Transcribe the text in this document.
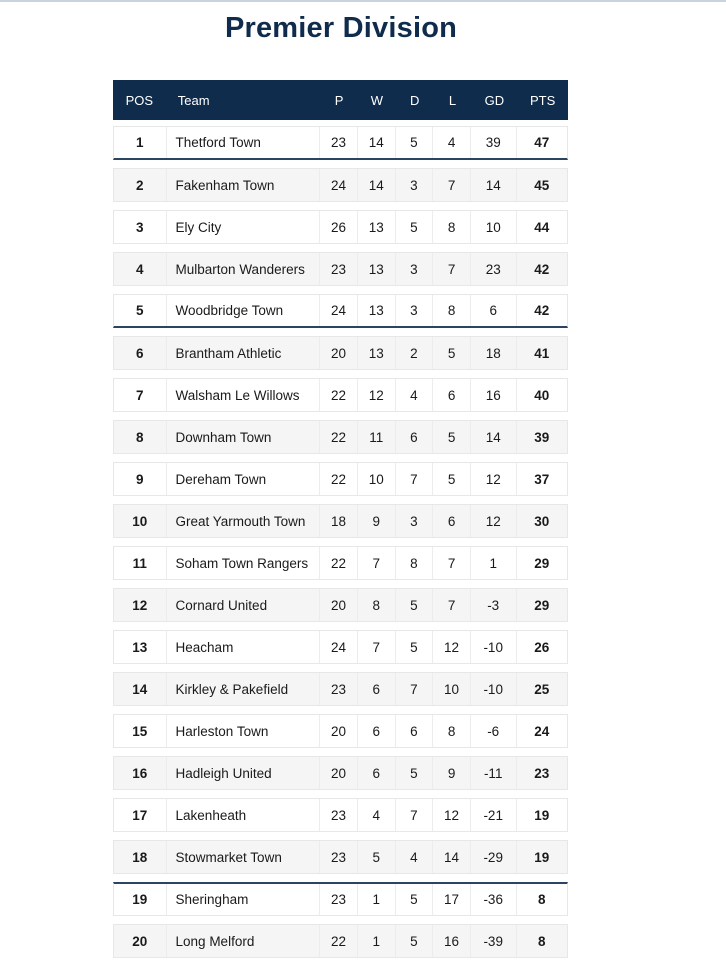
Premier Division
POS	Team	P	W	D	L	GD	PTS
1	Thetford Town	23	14	5	4	39	47
2	Fakenham Town	24	14	3	7	14	45
3	Ely City	26	13	5	8	10	44
4	Mulbarton Wanderers	23	13	3	7	23	42
5	Woodbridge Town	24	13	3	8	6	42
6	Brantham Athletic	20	13	2	5	18	41
7	Walsham Le Willows	22	12	4	6	16	40
8	Downham Town	22	11	6	5	14	39
9	Dereham Town	22	10	7	5	12	37
10	Great Yarmouth Town	18	9	3	6	12	30
11	Soham Town Rangers	22	7	8	7	1	29
12	Cornard United	20	8	5	7	-3	29
13	Heacham	24	7	5	12	-10	26
14	Kirkley & Pakefield	23	6	7	10	-10	25
15	Harleston Town	20	6	6	8	-6	24
16	Hadleigh United	20	6	5	9	-11	23
17	Lakenheath	23	4	7	12	-21	19
18	Stowmarket Town	23	5	4	14	-29	19
19	Sheringham	23	1	5	17	-36	8
20	Long Melford	22	1	5	16	-39	8
